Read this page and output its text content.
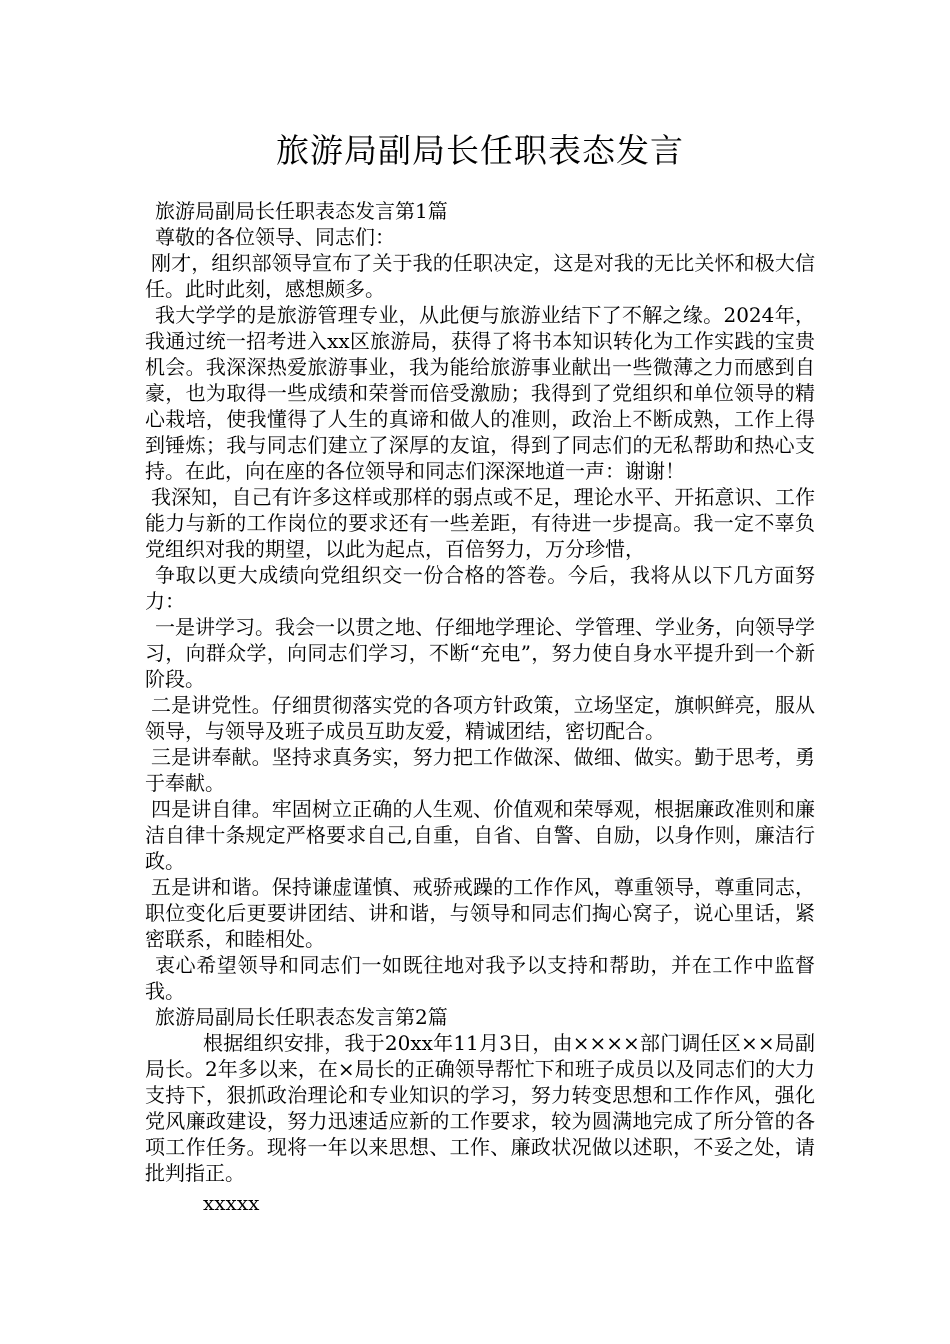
旅游局副局长任职表态发言

旅游局副局长任职表态发言第1篇

尊敬的各位领导、同志们：

刚才，组织部领导宣布了关于我的任职决定，这是对我的无比关怀和极大信任。此时此刻，感想颇多。

我大学学的是旅游管理专业，从此便与旅游业结下了不解之缘。2024年，我通过统一招考进入xx区旅游局，获得了将书本知识转化为工作实践的宝贵机会。我深深热爱旅游事业，我为能给旅游事业献出一些微薄之力而感到自豪，也为取得一些成绩和荣誉而倍受激励；我得到了党组织和单位领导的精心栽培，使我懂得了人生的真谛和做人的准则，政治上不断成熟，工作上得到锤炼；我与同志们建立了深厚的友谊，得到了同志们的无私帮助和热心支持。在此，向在座的各位领导和同志们深深地道一声：谢谢！

我深知，自己有许多这样或那样的弱点或不足，理论水平、开拓意识、工作能力与新的工作岗位的要求还有一些差距，有待进一步提高。我一定不辜负党组织对我的期望，以此为起点，百倍努力，万分珍惜，

争取以更大成绩向党组织交一份合格的答卷。今后，我将从以下几方面努力：

一是讲学习。我会一以贯之地、仔细地学理论、学管理、学业务，向领导学习，向群众学，向同志们学习，不断“充电”，努力使自身水平提升到一个新阶段。

二是讲党性。仔细贯彻落实党的各项方针政策，立场坚定，旗帜鲜亮，服从领导，与领导及班子成员互助友爱，精诚团结，密切配合。

三是讲奉献。坚持求真务实，努力把工作做深、做细、做实。勤于思考，勇于奉献。

四是讲自律。牢固树立正确的人生观、价值观和荣辱观，根据廉政准则和廉洁自律十条规定严格要求自己,自重，自省、自警、自励，以身作则，廉洁行政。

五是讲和谐。保持谦虚谨慎、戒骄戒躁的工作作风，尊重领导，尊重同志，职位变化后更要讲团结、讲和谐，与领导和同志们掏心窝子，说心里话，紧密联系，和睦相处。

衷心希望领导和同志们一如既往地对我予以支持和帮助，并在工作中监督我。

旅游局副局长任职表态发言第2篇

根据组织安排，我于20xx年11月3日，由××××部门调任区××局副局长。2年多以来，在×局长的正确领导帮忙下和班子成员以及同志们的大力支持下，狠抓政治理论和专业知识的学习，努力转变思想和工作作风，强化党风廉政建设，努力迅速适应新的工作要求，较为圆满地完成了所分管的各项工作任务。现将一年以来思想、工作、廉政状况做以述职，不妥之处，请批判指正。

xxxxx
